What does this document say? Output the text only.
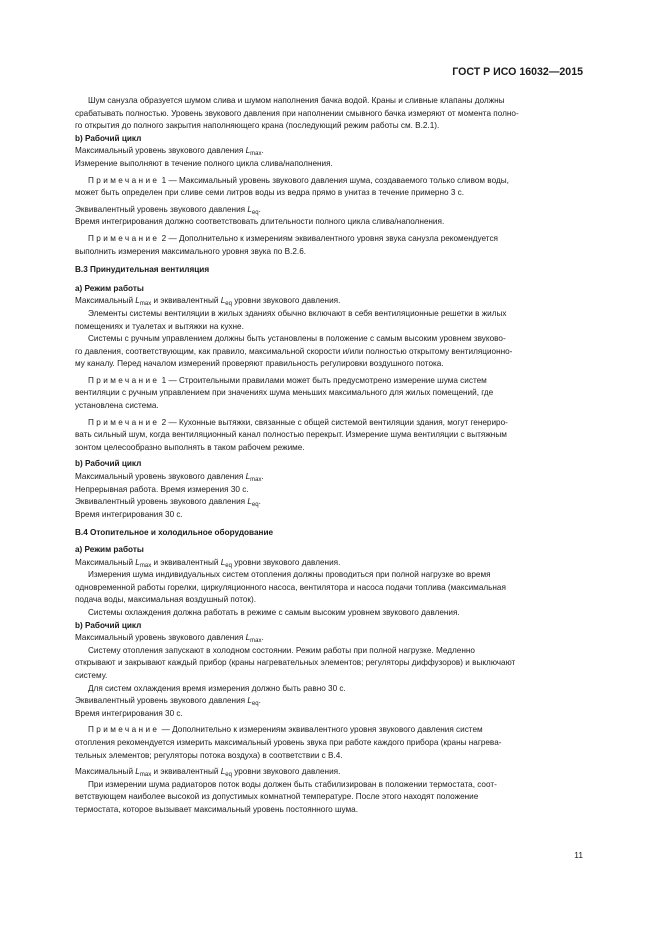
ГОСТ Р ИСО 16032—2015

Шум санузла образуется шумом слива и шумом наполнения бачка водой. Краны и сливные клапаны должны
срабатывать полностью. Уровень звукового давления при наполнении смывного бачка измеряют от момента полно-
го открытия до полного закрытия наполняющего крана (последующий режим работы см. В.2.1).

b) Рабочий цикл

Максимальный уровень звукового давления $L_{max}$.

Измерение выполняют в течение полного цикла слива/наполнения.

Примечание 1 — Максимальный уровень звукового давления шума, создаваемого только сливом воды,
может быть определен при сливе семи литров воды из ведра прямо в унитаз в течение примерно 3 с.

Эквивалентный уровень звукового давления $L_{eq}$.

Время интегрирования должно соответствовать длительности полного цикла слива/наполнения.

Примечание 2 — Дополнительно к измерениям эквивалентного уровня звука санузла рекомендуется
выполнить измерения максимального уровня звука по В.2.6.

В.3 Принудительная вентиляция

а) Режим работы

Максимальный $L_{max}$ и эквивалентный $L_{eq}$ уровни звукового давления.

Элементы системы вентиляции в жилых зданиях обычно включают в себя вентиляционные решетки в жилых
помещениях и туалетах и вытяжки на кухне.

Системы с ручным управлением должны быть установлены в положение с самым высоким уровнем звуково-
го давления, соответствующим, как правило, максимальной скорости и/или полностью открытому вентиляционно-
му каналу. Перед началом измерений проверяют правильность регулировки воздушного потока.

Примечание 1 — Строительными правилами может быть предусмотрено измерение шума систем
вентиляции с ручным управлением при значениях шума меньших максимального для жилых помещений, где
установлена система.

Примечание 2 — Кухонные вытяжки, связанные с общей системой вентиляции здания, могут генериро-
вать сильный шум, когда вентиляционный канал полностью перекрыт. Измерение шума вентиляции с вытяжным
зонтом целесообразно выполнять в таком рабочем режиме.

b) Рабочий цикл

Максимальный уровень звукового давления $L_{max}$.

Непрерывная работа. Время измерения 30 с.

Эквивалентный уровень звукового давления $L_{eq}$.

Время интегрирования 30 с.

В.4 Отопительное и холодильное оборудование

а) Режим работы

Максимальный $L_{max}$ и эквивалентный $L_{eq}$ уровни звукового давления.

Измерения шума индивидуальных систем отопления должны проводиться при полной нагрузке во время
одновременной работы горелки, циркуляционного насоса, вентилятора и насоса подачи топлива (максимальная
подача воды, максимальная воздушный поток).

Системы охлаждения должна работать в режиме с самым высоким уровнем звукового давления.

b) Рабочий цикл

Максимальный уровень звукового давления $L_{max}$.

Систему отопления запускают в холодном состоянии. Режим работы при полной нагрузке. Медленно
открывают и закрывают каждый прибор (краны нагревательных элементов; регуляторы диффузоров) и выключают
систему.

Для систем охлаждения время измерения должно быть равно 30 с.

Эквивалентный уровень звукового давления $L_{eq}$.

Время интегрирования 30 с.

Примечание — Дополнительно к измерениям эквивалентного уровня звукового давления систем
отопления рекомендуется измерить максимальный уровень звука при работе каждого прибора (краны нагрева-
тельных элементов; регуляторы потока воздуха) в соответствии с В.4.

Максимальный $L_{max}$ и эквивалентный $L_{eq}$ уровни звукового давления.

При измерении шума радиаторов поток воды должен быть стабилизирован в положении термостата, соот-
ветствующем наиболее высокой из допустимых комнатной температуре. После этого находят положение
термостата, которое вызывает максимальный уровень постоянного шума.

11
